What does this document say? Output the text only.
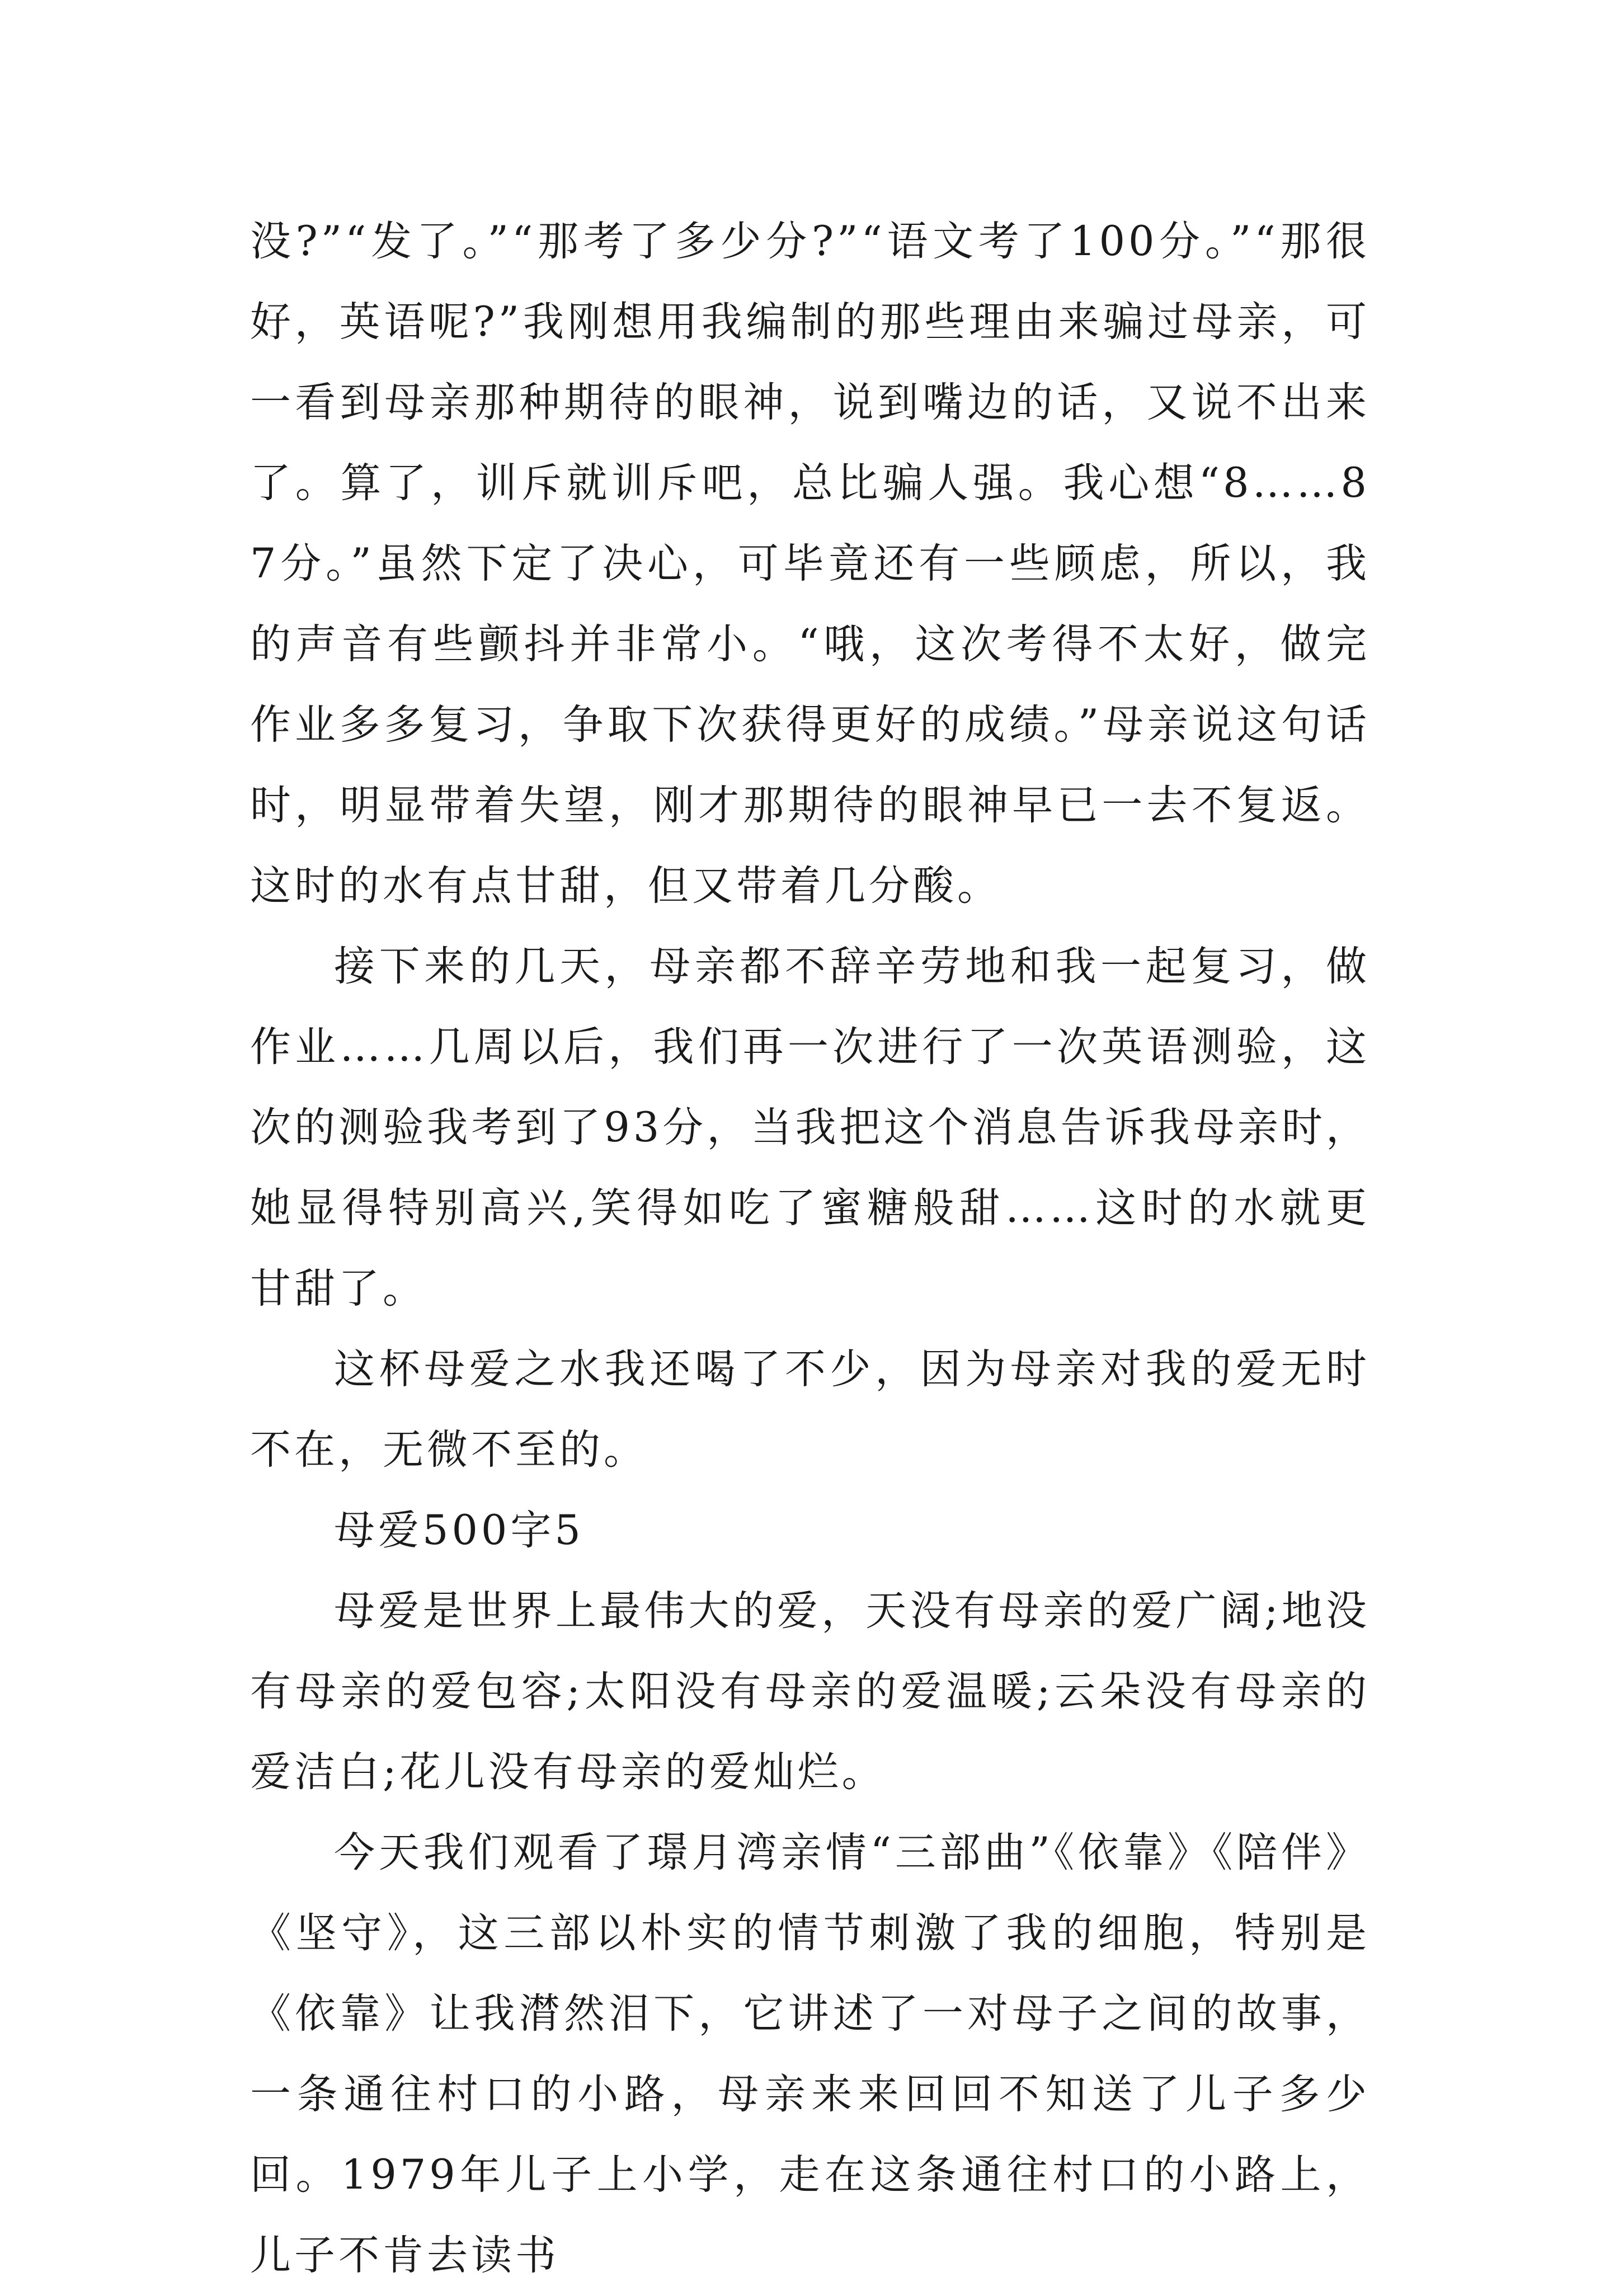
没?”“发了。”“那考了多少分?”“语文考了100分。”“那很好，英语呢?”我刚想用我编制的那些理由来骗过母亲，可一看到母亲那种期待的眼神，说到嘴边的话，又说不出来了。算了，训斥就训斥吧，总比骗人强。我心想“8……87分。”虽然下定了决心，可毕竟还有一些顾虑，所以，我的声音有些颤抖并非常小。“哦，这次考得不太好，做完作业多多复习，争取下次获得更好的成绩。”母亲说这句话时，明显带着失望，刚才那期待的眼神早已一去不复返。这时的水有点甘甜，但又带着几分酸。

接下来的几天，母亲都不辞辛劳地和我一起复习，做作业……几周以后，我们再一次进行了一次英语测验，这次的测验我考到了93分，当我把这个消息告诉我母亲时，她显得特别高兴,笑得如吃了蜜糖般甜……这时的水就更甘甜了。

这杯母爱之水我还喝了不少，因为母亲对我的爱无时不在，无微不至的。

母爱500字5

母爱是世界上最伟大的爱，天没有母亲的爱广阔;地没有母亲的爱包容;太阳没有母亲的爱温暖;云朵没有母亲的爱洁白;花儿没有母亲的爱灿烂。

今天我们观看了璟月湾亲情“三部曲”《依靠》《陪伴》《坚守》，这三部以朴实的情节刺激了我的细胞，特别是《依靠》让我潸然泪下，它讲述了一对母子之间的故事，一条通往村口的小路，母亲来来回回不知送了儿子多少回。1979年儿子上小学，走在这条通往村口的小路上，儿子不肯去读书
